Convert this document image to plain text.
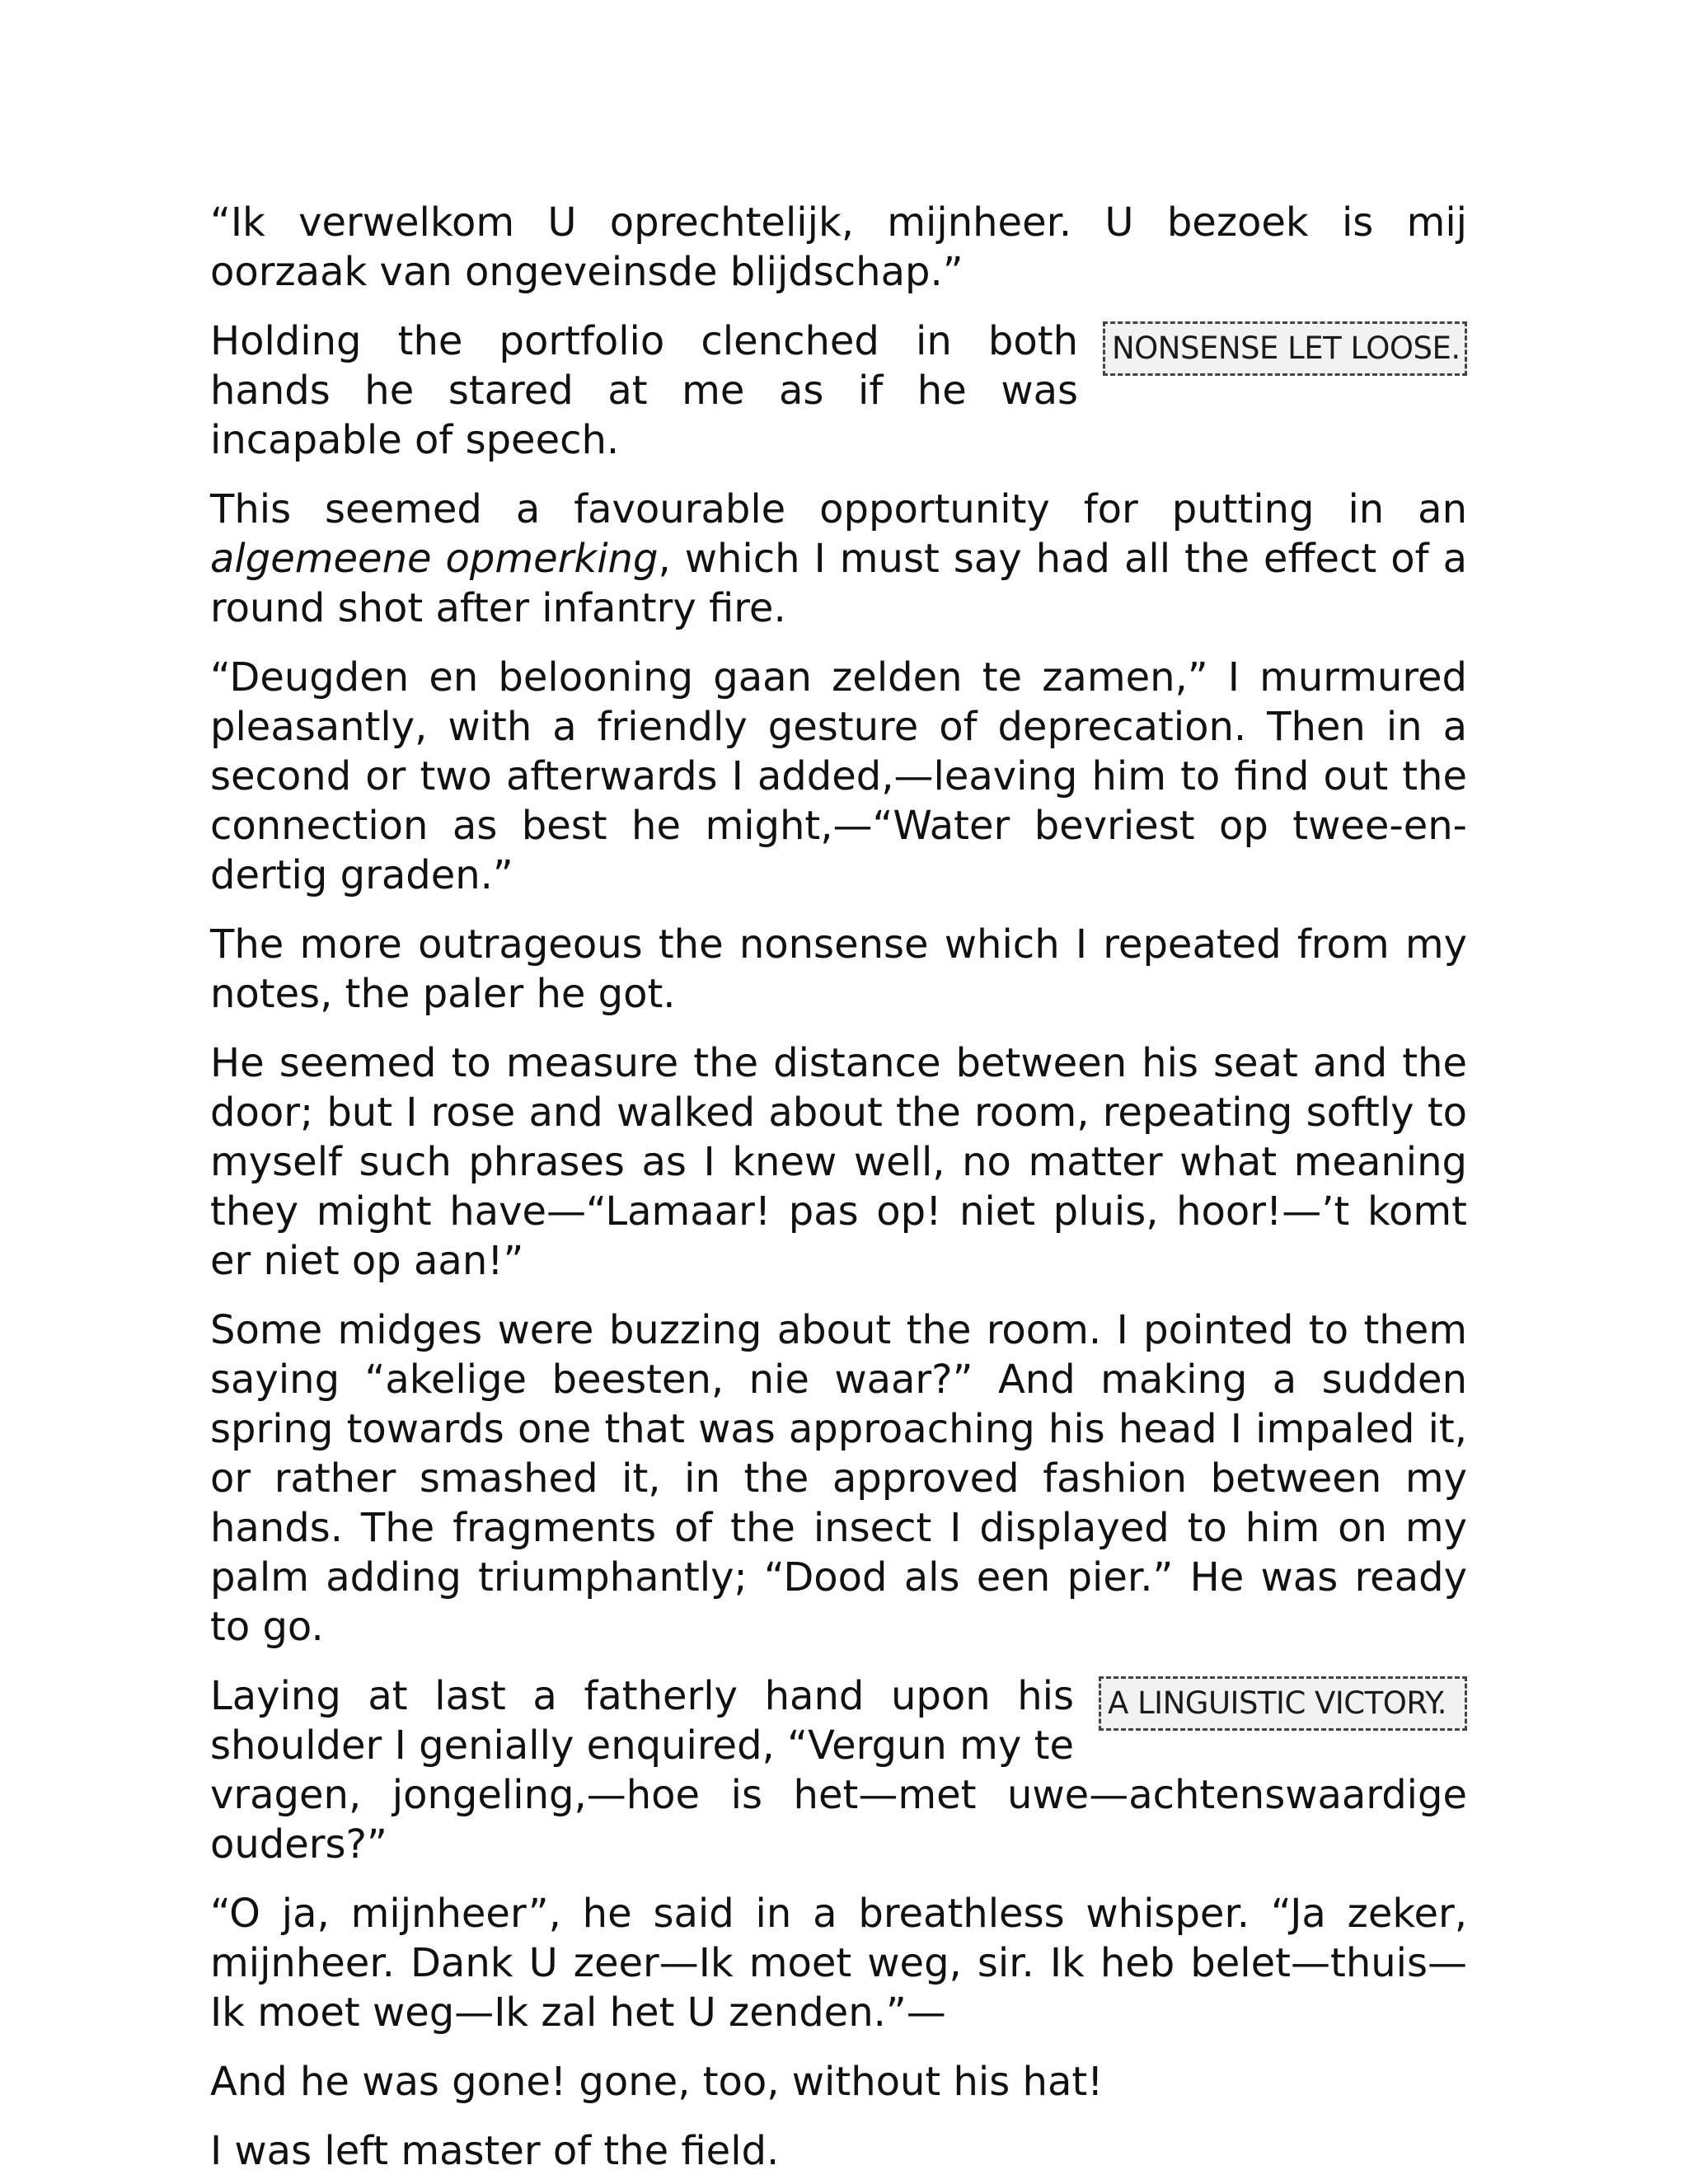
“Ik verwelkom U oprechtelijk, mijnheer. U bezoek is mij oorzaak van ongeveinsde blijdschap.”

NONSENSE LET LOOSE.
Holding the portfolio clenched in both hands he stared at me as if he was incapable of speech.

This seemed a favourable opportunity for putting in an algemeene opmerking, which I must say had all the effect of a round shot after infantry fire.

“Deugden en belooning gaan zelden te zamen,” I murmured pleasantly, with a friendly gesture of deprecation. Then in a second or two afterwards I added,—leaving him to find out the connection as best he might,—“Water bevriest op twee-en-dertig graden.”

The more outrageous the nonsense which I repeated from my notes, the paler he got.

He seemed to measure the distance between his seat and the door; but I rose and walked about the room, repeating softly to myself such phrases as I knew well, no matter what meaning they might have—“Lamaar! pas op! niet pluis, hoor!—’t komt er niet op aan!”

Some midges were buzzing about the room. I pointed to them saying “akelige beesten, nie waar?” And making a sudden spring towards one that was approaching his head I impaled it, or rather smashed it, in the approved fashion between my hands. The fragments of the insect I displayed to him on my palm adding triumphantly; “Dood als een pier.” He was ready to go.

A LINGUISTIC VICTORY.
Laying at last a fatherly hand upon his shoulder I genially enquired, “Vergun my te vragen, jongeling,—hoe is het—met uwe—achtenswaardige ouders?”

“O ja, mijnheer”, he said in a breathless whisper. “Ja zeker, mijnheer. Dank U zeer—Ik moet weg, sir. Ik heb belet—thuis—Ik moet weg—Ik zal het U zenden.”—

And he was gone! gone, too, without his hat!

I was left master of the field.
